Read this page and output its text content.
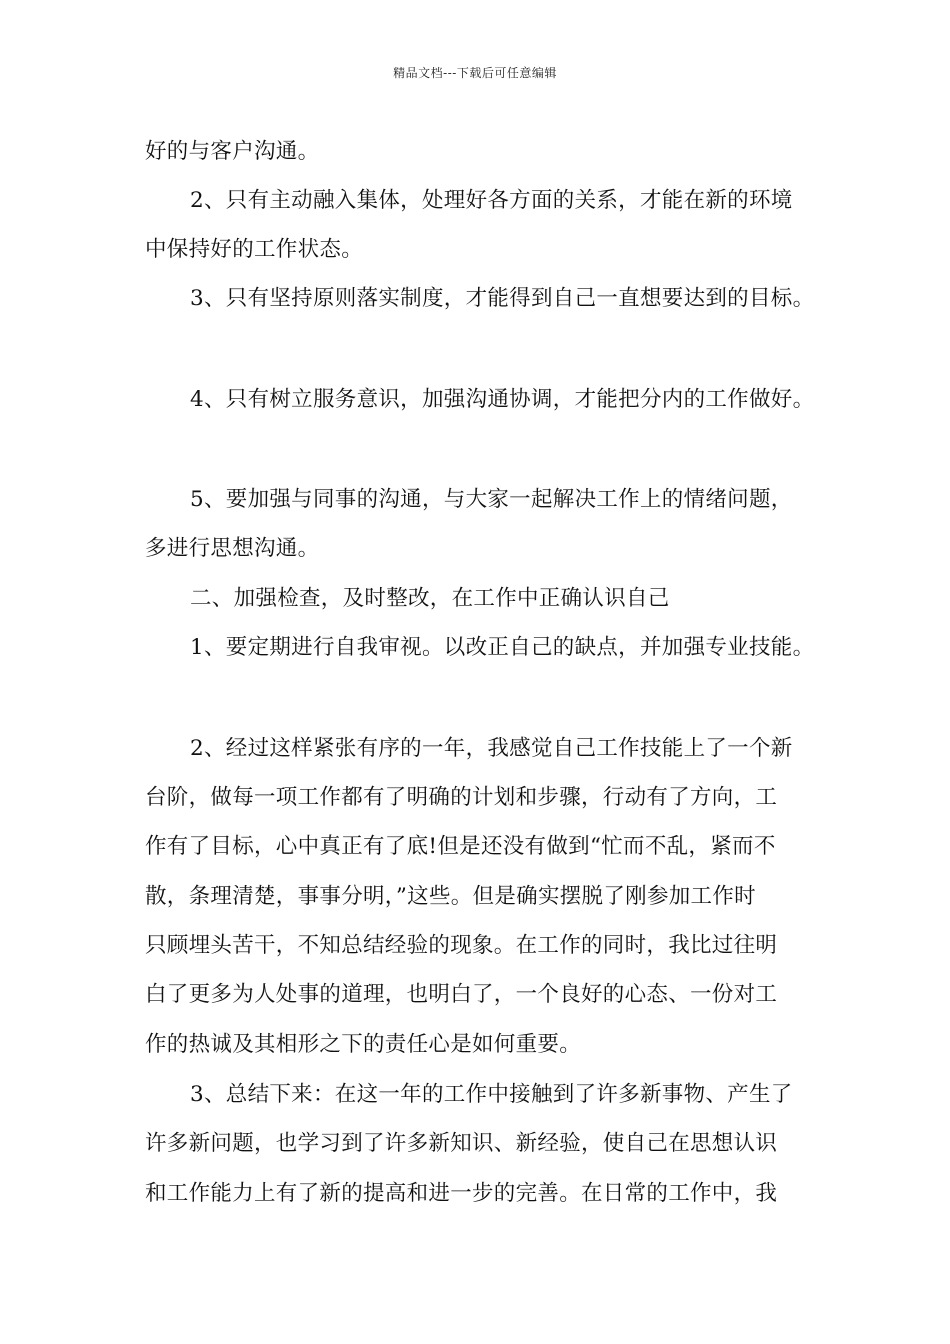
精品文档---下载后可任意编辑
好的与客户沟通。
2、只有主动融入集体，处理好各方面的关系，才能在新的环境
中保持好的工作状态。
3、只有坚持原则落实制度，才能得到自己一直想要达到的目标。
4、只有树立服务意识，加强沟通协调，才能把分内的工作做好。
5、要加强与同事的沟通，与大家一起解决工作上的情绪问题，
多进行思想沟通。
二、加强检查，及时整改，在工作中正确认识自己
1、要定期进行自我审视。以改正自己的缺点，并加强专业技能。
2、经过这样紧张有序的一年，我感觉自己工作技能上了一个新
台阶，做每一项工作都有了明确的计划和步骤，行动有了方向，工
作有了目标，心中真正有了底!但是还没有做到“忙而不乱，紧而不
散，条理清楚，事事分明，”这些。但是确实摆脱了刚参加工作时
只顾埋头苦干，不知总结经验的现象。在工作的同时，我比过往明
白了更多为人处事的道理，也明白了，一个良好的心态、一份对工
作的热诚及其相形之下的责任心是如何重要。
3、总结下来：在这一年的工作中接触到了许多新事物、产生了
许多新问题，也学习到了许多新知识、新经验，使自己在思想认识
和工作能力上有了新的提高和进一步的完善。在日常的工作中，我
